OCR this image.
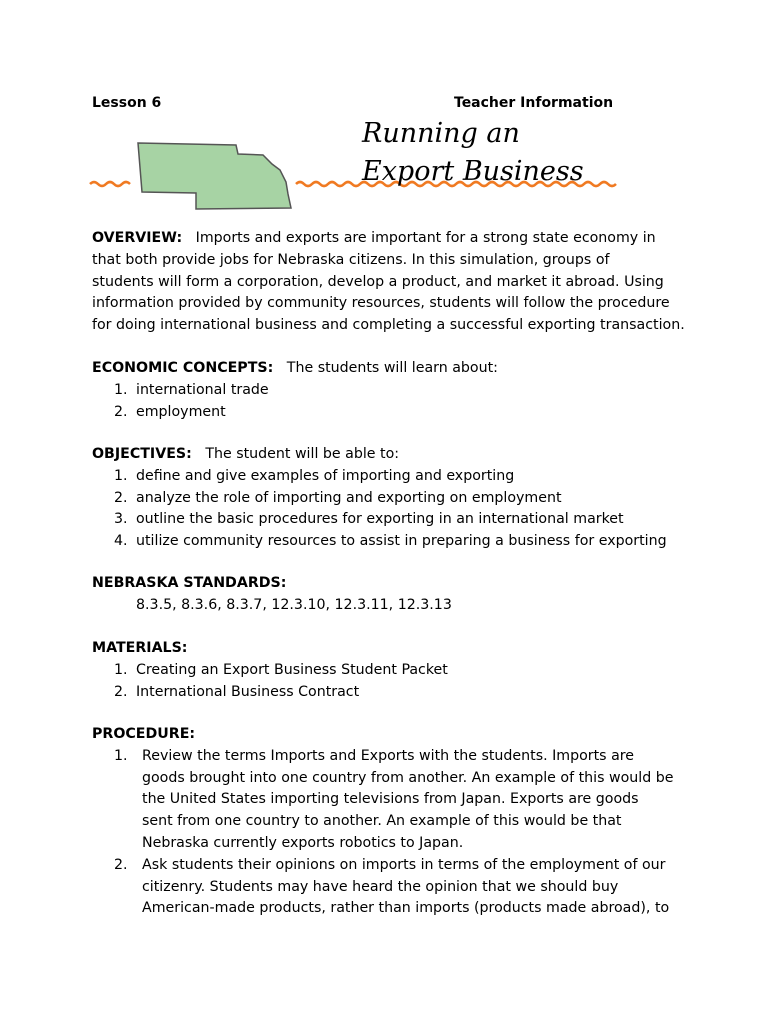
Lesson 6	Teacher Information
Running an
Export Business
OVERVIEW: Imports and exports are important for a strong state economy in
that both provide jobs for Nebraska citizens. In this simulation, groups of
students will form a corporation, develop a product, and market it abroad. Using
information provided by community resources, students will follow the procedure
for doing international business and completing a successful exporting transaction.
ECONOMIC CONCEPTS: The students will learn about:
1. international trade
2. employment
OBJECTIVES: The student will be able to:
1. define and give examples of importing and exporting
2. analyze the role of importing and exporting on employment
3. outline the basic procedures for exporting in an international market
4. utilize community resources to assist in preparing a business for exporting
NEBRASKA STANDARDS:
8.3.5, 8.3.6, 8.3.7, 12.3.10, 12.3.11, 12.3.13
MATERIALS:
1. Creating an Export Business Student Packet
2. International Business Contract
PROCEDURE:
1. Review the terms Imports and Exports with the students. Imports are
goods brought into one country from another. An example of this would be
the United States importing televisions from Japan. Exports are goods
sent from one country to another. An example of this would be that
Nebraska currently exports robotics to Japan.
2. Ask students their opinions on imports in terms of the employment of our
citizenry. Students may have heard the opinion that we should buy
American-made products, rather than imports (products made abroad), to
